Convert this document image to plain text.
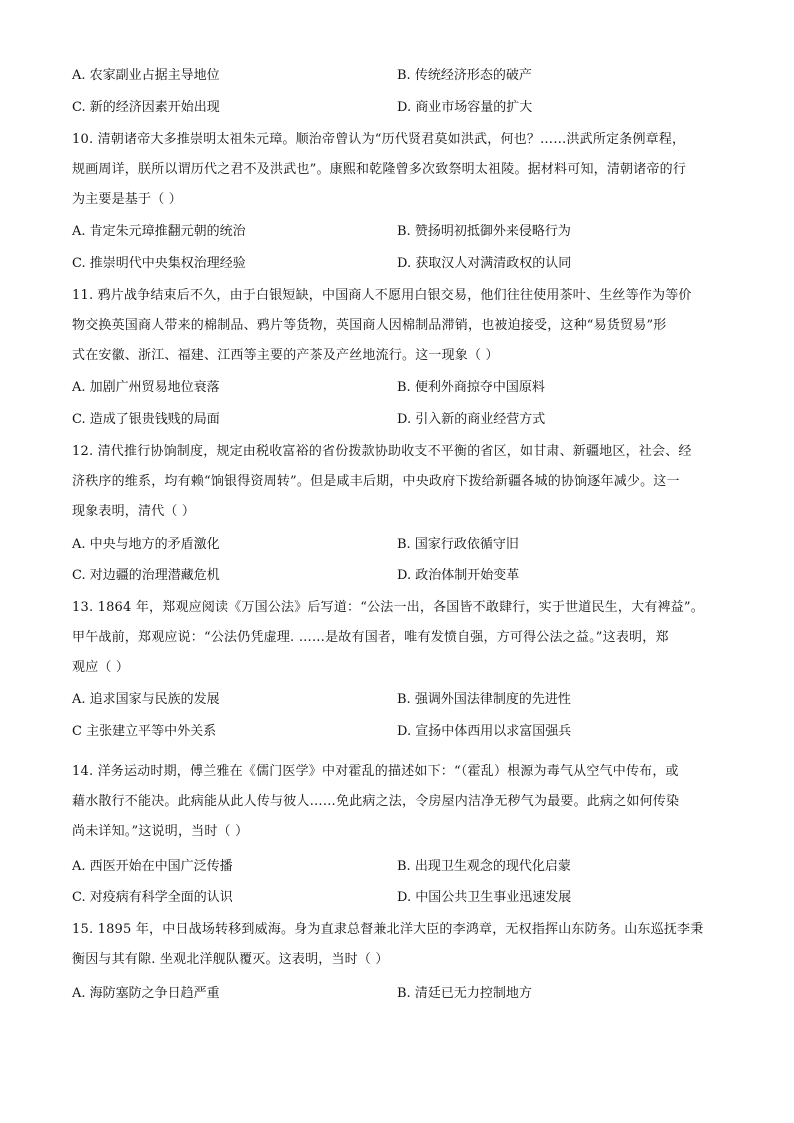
A. 农家副业占据主导地位	B. 传统经济形态的破产
C. 新的经济因素开始出现	D. 商业市场容量的扩大
10. 清朝诸帝大多推崇明太祖朱元璋。顺治帝曾认为“历代贤君莫如洪武，何也？……洪武所定条例章程，
规画周详，朕所以谓历代之君不及洪武也”。康熙和乾隆曾多次致祭明太祖陵。据材料可知，清朝诸帝的行
为主要是基于（ ）
A. 肯定朱元璋推翻元朝的统治	B. 赞扬明初抵御外来侵略行为
C. 推崇明代中央集权治理经验	D. 获取汉人对满清政权的认同
11. 鸦片战争结束后不久，由于白银短缺，中国商人不愿用白银交易，他们往往使用茶叶、生丝等作为等价
物交换英国商人带来的棉制品、鸦片等货物，英国商人因棉制品滞销，也被迫接受，这种“易货贸易”形
式在安徽、浙江、福建、江西等主要的产茶及产丝地流行。这一现象（ ）
A. 加剧广州贸易地位衰落	B. 便利外商掠夺中国原料
C. 造成了银贵钱贱的局面	D. 引入新的商业经营方式
12. 清代推行协饷制度，规定由税收富裕的省份拨款协助收支不平衡的省区，如甘肃、新疆地区，社会、经
济秩序的维系，均有赖“饷银得资周转”。但是咸丰后期，中央政府下拨给新疆各城的协饷逐年减少。这一
现象表明，清代（ ）
A. 中央与地方的矛盾激化	B. 国家行政依循守旧
C. 对边疆的治理潜藏危机	D. 政治体制开始变革
13. 1864 年，郑观应阅读《万国公法》后写道：“公法一出，各国皆不敢肆行，实于世道民生，大有裨益”。
甲午战前，郑观应说：“公法仍凭虚理. ……是故有国者，唯有发愤自强，方可得公法之益。”这表明，郑
观应（ ）
A. 追求国家与民族的发展	B. 强调外国法律制度的先进性
C 主张建立平等中外关系	D. 宣扬中体西用以求富国强兵
14. 洋务运动时期，傅兰雅在《儒门医学》中对霍乱的描述如下：“（霍乱）根源为毒气从空气中传布，或
藉水散行不能决。此病能从此人传与彼人……免此病之法，令房屋内洁净无秽气为最要。此病之如何传染
尚未详知。”这说明，当时（ ）
A. 西医开始在中国广泛传播	B. 出现卫生观念的现代化启蒙
C. 对疫病有科学全面的认识	D. 中国公共卫生事业迅速发展
15. 1895 年，中日战场转移到威海。身为直隶总督兼北洋大臣的李鸿章，无权指挥山东防务。山东巡抚李秉
衡因与其有隙. 坐观北洋舰队覆灭。这表明，当时（ ）
A. 海防塞防之争日趋严重	B. 清廷已无力控制地方
